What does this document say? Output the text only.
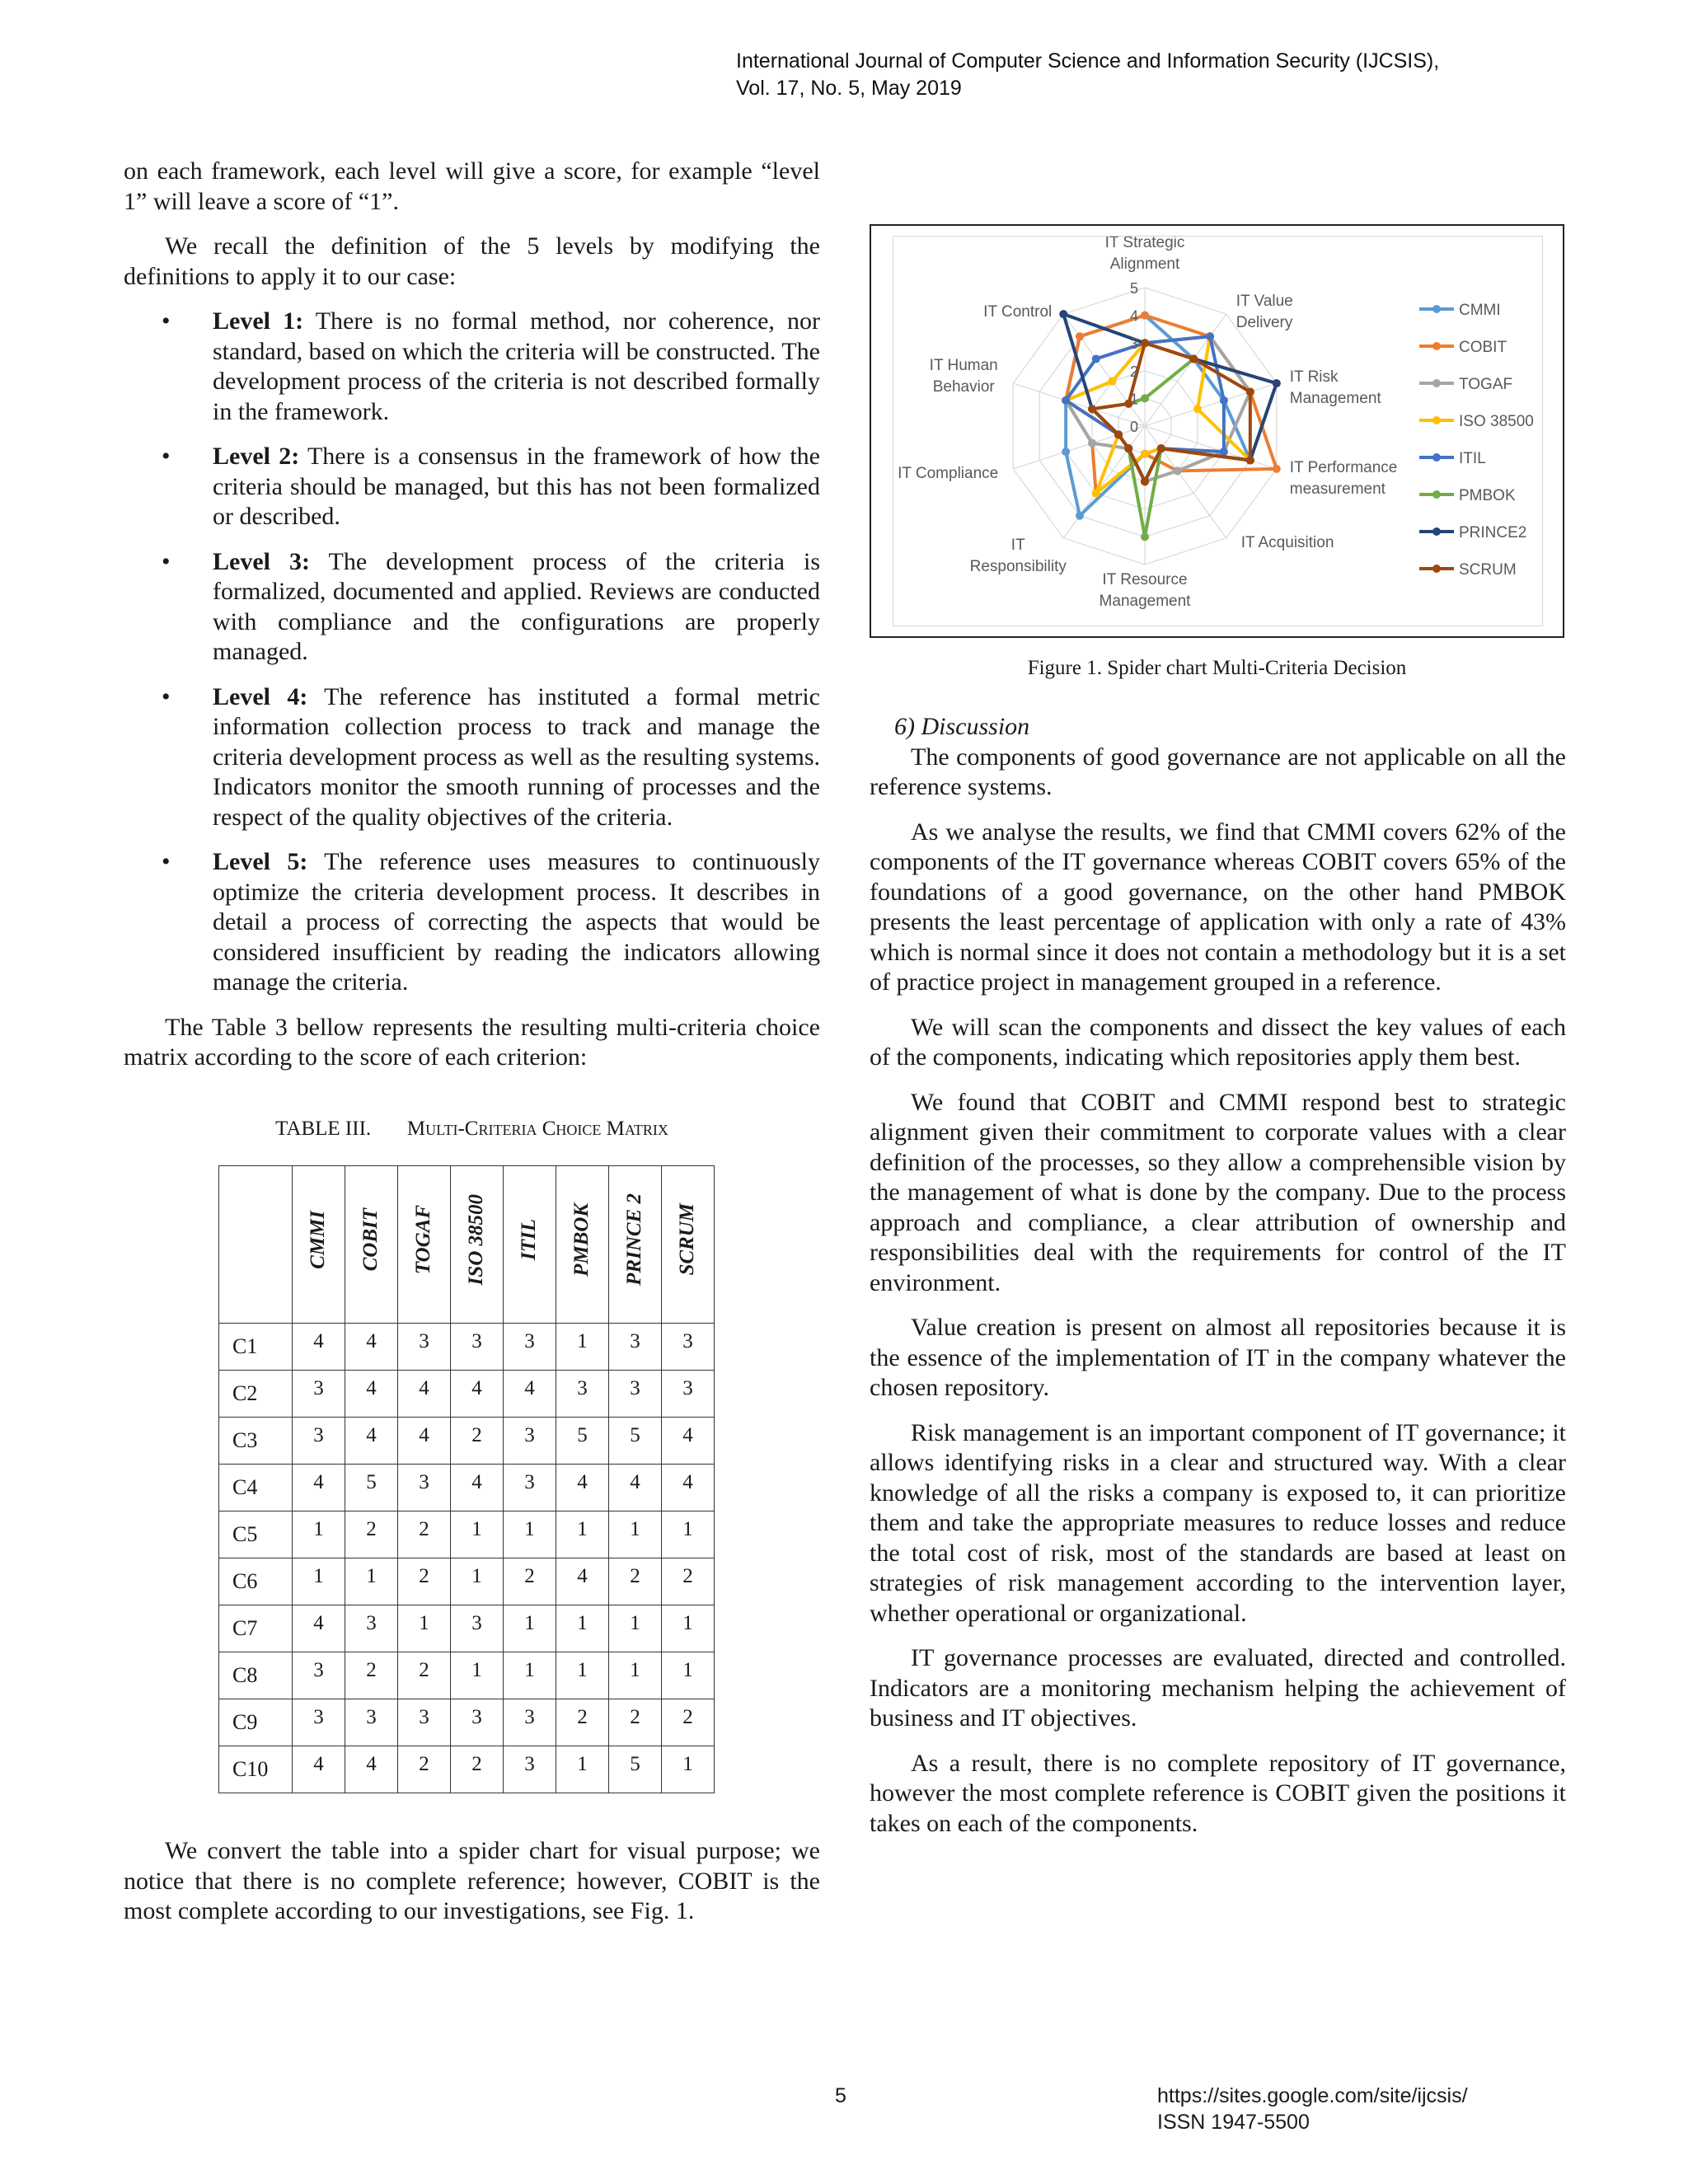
International Journal of Computer Science and Information Security (IJCSIS),
Vol. 17, No. 5, May 2019

on each framework, each level will give a score, for example “level 1” will leave a score of “1”.

We recall the definition of the 5 levels by modifying the definitions to apply it to our case:

• Level 1: There is no formal method, nor coherence, nor standard, based on which the criteria will be constructed. The development process of the criteria is not described formally in the framework.
• Level 2: There is a consensus in the framework of how the criteria should be managed, but this has not been formalized or described.
• Level 3: The development process of the criteria is formalized, documented and applied. Reviews are conducted with compliance and the configurations are properly managed.
• Level 4: The reference has instituted a formal metric information collection process to track and manage the criteria development process as well as the resulting systems. Indicators monitor the smooth running of processes and the respect of the quality objectives of the criteria.
• Level 5: The reference uses measures to continuously optimize the criteria development process. It describes in detail a process of correcting the aspects that would be considered insufficient by reading the indicators allowing manage the criteria.

The Table 3 bellow represents the resulting multi-criteria choice matrix according to the score of each criterion:

TABLE III. Multi-Criteria Choice Matrix
	CMMI	COBIT	TOGAF	ISO 38500	ITIL	PMBOK	PRINCE 2	SCRUM
C1	4	4	3	3	3	1	3	3
C2	3	4	4	4	4	3	3	3
C3	3	4	4	2	3	5	5	4
C4	4	5	3	4	3	4	4	4
C5	1	2	2	1	1	1	1	1
C6	1	1	2	1	2	4	2	2
C7	4	3	1	3	1	1	1	1
C8	3	2	2	1	1	1	1	1
C9	3	3	3	3	3	2	2	2
C10	4	4	2	2	3	1	5	1

We convert the table into a spider chart for visual purpose; we notice that there is no complete reference; however, COBIT is the most complete according to our investigations, see Fig. 1.

0
1
2
3
4
5
IT Strategic
Alignment
IT Value
Delivery
IT Risk
Management
IT Performance
measurement
IT Acquisition
IT Resource
Management
IT
Responsibility
IT Compliance
IT Human
Behavior
IT Control	CMMI
COBIT
TOGAF
ISO 38500
ITIL
PMBOK
PRINCE2
SCRUM
Figure 1. Spider chart Multi-Criteria Decision

6) Discussion

The components of good governance are not applicable on all the reference systems.

As we analyse the results, we find that CMMI covers 62% of the components of the IT governance whereas COBIT covers 65% of the foundations of a good governance, on the other hand PMBOK presents the least percentage of application with only a rate of 43% which is normal since it does not contain a methodology but it is a set of practice project in management grouped in a reference.

We will scan the components and dissect the key values of each of the components, indicating which repositories apply them best.

We found that COBIT and CMMI respond best to strategic alignment given their commitment to corporate values with a clear definition of the processes, so they allow a comprehensible vision by the management of what is done by the company. Due to the process approach and compliance, a clear attribution of ownership and responsibilities deal with the requirements for control of the IT environment.

Value creation is present on almost all repositories because it is the essence of the implementation of IT in the company whatever the chosen repository.

Risk management is an important component of IT governance; it allows identifying risks in a clear and structured way. With a clear knowledge of all the risks a company is exposed to, it can prioritize them and take the appropriate measures to reduce losses and reduce the total cost of risk, most of the standards are based at least on strategies of risk management according to the intervention layer, whether operational or organizational.

IT governance processes are evaluated, directed and controlled. Indicators are a monitoring mechanism helping the achievement of business and IT objectives.

As a result, there is no complete repository of IT governance, however the most complete reference is COBIT given the positions it takes on each of the components.

5	https://sites.google.com/site/ijcsis/
ISSN 1947-5500
